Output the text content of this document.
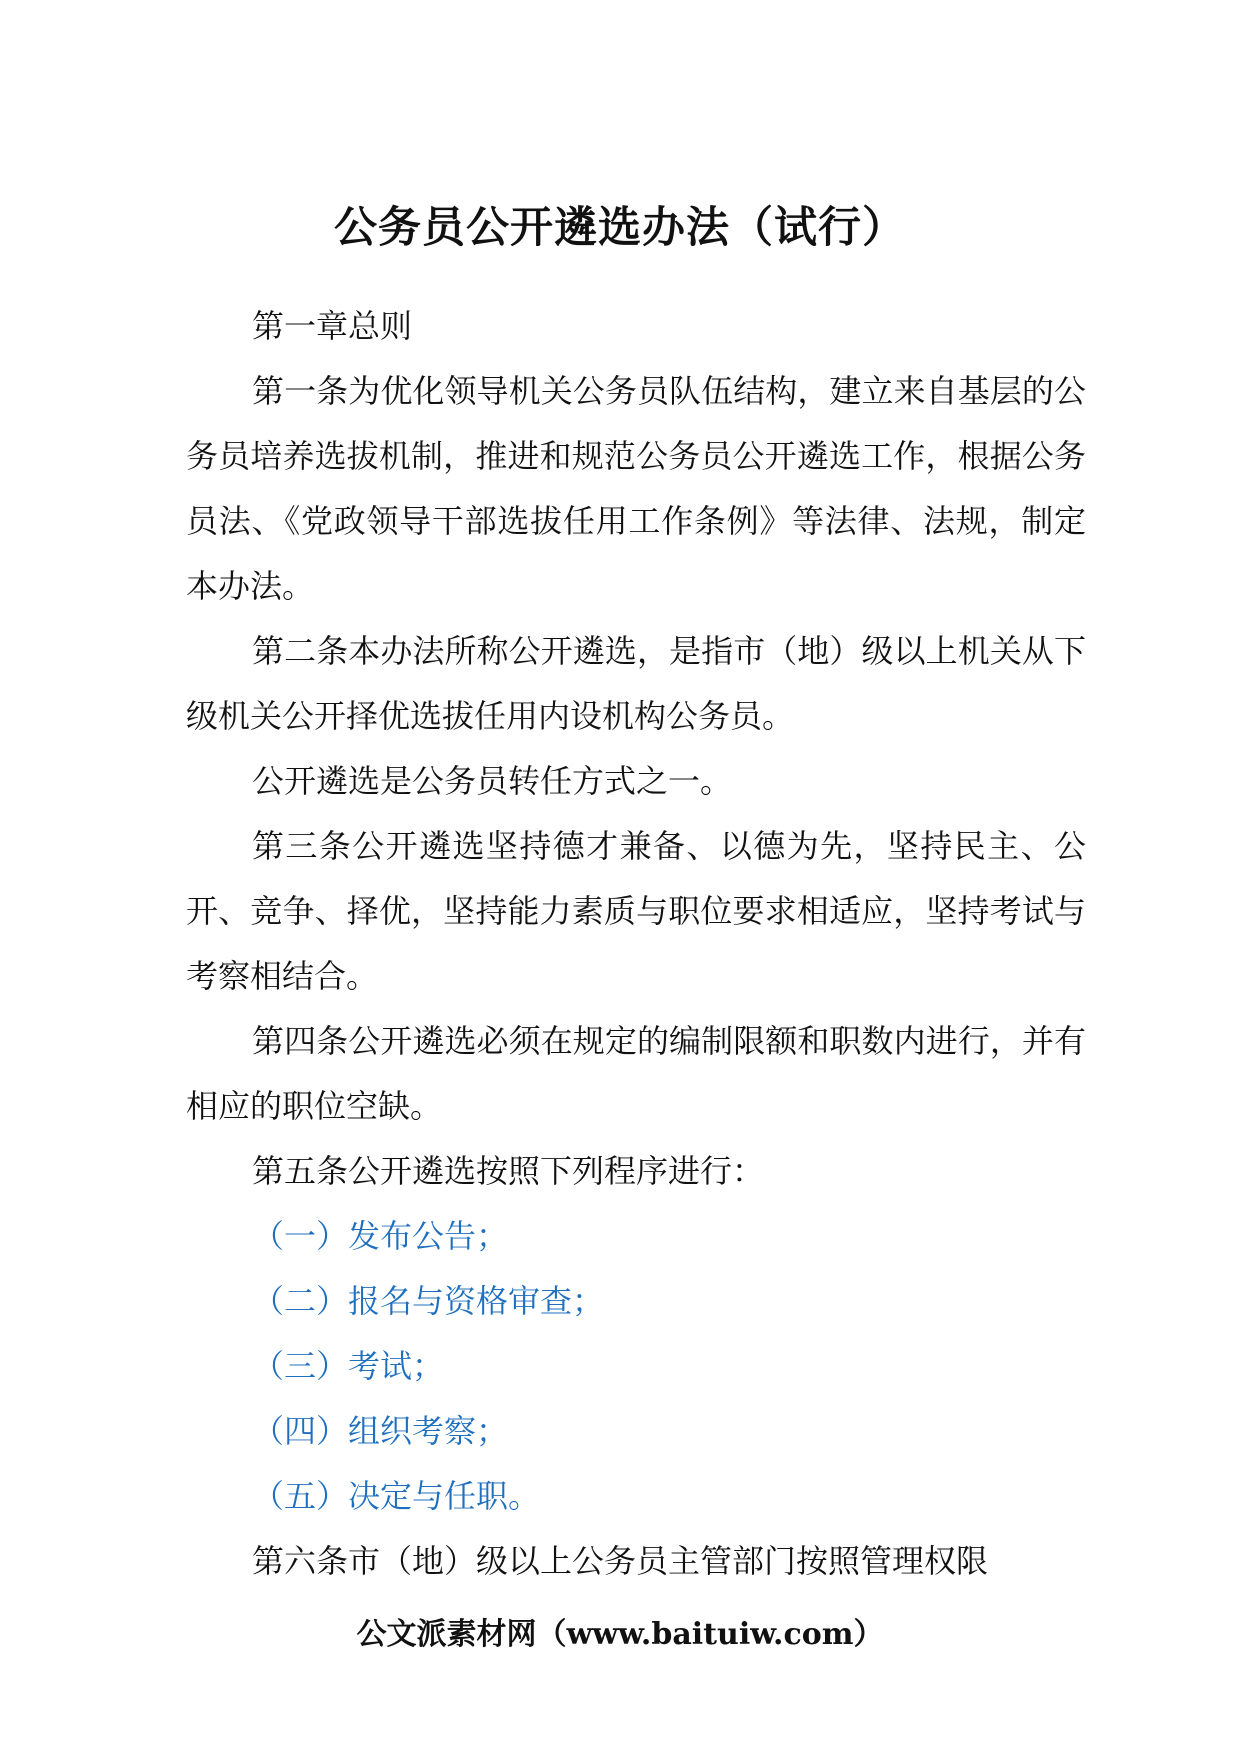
公务员公开遴选办法（试行）

第一章总则

第一条为优化领导机关公务员队伍结构，建立来自基层的公务员培养选拔机制，推进和规范公务员公开遴选工作，根据公务员法、《党政领导干部选拔任用工作条例》等法律、法规，制定本办法。

第二条本办法所称公开遴选，是指市（地）级以上机关从下级机关公开择优选拔任用内设机构公务员。

公开遴选是公务员转任方式之一。

第三条公开遴选坚持德才兼备、以德为先，坚持民主、公开、竞争、择优，坚持能力素质与职位要求相适应，坚持考试与考察相结合。

第四条公开遴选必须在规定的编制限额和职数内进行，并有相应的职位空缺。

第五条公开遴选按照下列程序进行：

（一）发布公告；

（二）报名与资格审查；

（三）考试；

（四）组织考察；

（五）决定与任职。

第六条市（地）级以上公务员主管部门按照管理权限

公文派素材网（www.baituiw.com）
